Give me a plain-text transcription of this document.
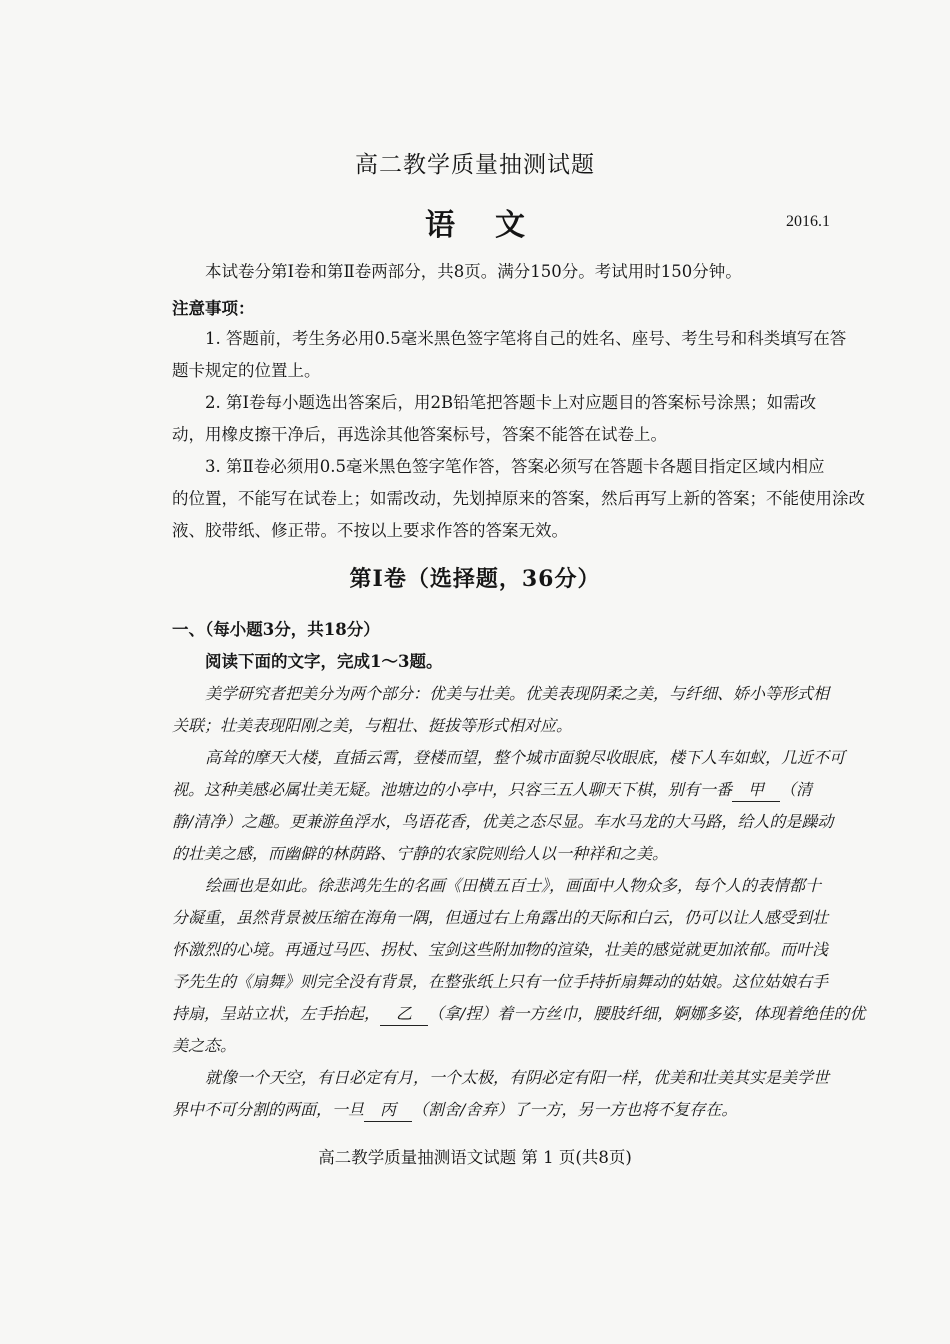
高二教学质量抽测试题
语文	2016.1
本试卷分第Ⅰ卷和第Ⅱ卷两部分，共8页。满分150分。考试用时150分钟。
注意事项：
1. 答题前，考生务必用0.5毫米黑色签字笔将自己的姓名、座号、考生号和科类填写在答
题卡规定的位置上。
2. 第Ⅰ卷每小题选出答案后，用2B铅笔把答题卡上对应题目的答案标号涂黑；如需改
动，用橡皮擦干净后，再选涂其他答案标号，答案不能答在试卷上。
3. 第Ⅱ卷必须用0.5毫米黑色签字笔作答，答案必须写在答题卡各题目指定区域内相应
的位置，不能写在试卷上；如需改动，先划掉原来的答案，然后再写上新的答案；不能使用涂改
液、胶带纸、修正带。不按以上要求作答的答案无效。
第Ⅰ卷（选择题，36分）
一、（每小题3分，共18分）
阅读下面的文字，完成1～3题。
美学研究者把美分为两个部分：优美与壮美。优美表现阴柔之美，与纤细、娇小等形式相
关联；壮美表现阳刚之美，与粗壮、挺拔等形式相对应。
高耸的摩天大楼，直插云霄，登楼而望，整个城市面貌尽收眼底，楼下人车如蚁，几近不可
视。这种美感必属壮美无疑。池塘边的小亭中，只容三五人聊天下棋，别有一番 甲 （清
静/清净）之趣。更兼游鱼浮水，鸟语花香，优美之态尽显。车水马龙的大马路，给人的是躁动
的壮美之感，而幽僻的林荫路、宁静的农家院则给人以一种祥和之美。
绘画也是如此。徐悲鸿先生的名画《田横五百士》，画面中人物众多，每个人的表情都十
分凝重，虽然背景被压缩在海角一隅，但通过右上角露出的天际和白云，仍可以让人感受到壮
怀激烈的心境。再通过马匹、拐杖、宝剑这些附加物的渲染，壮美的感觉就更加浓郁。而叶浅
予先生的《扇舞》则完全没有背景，在整张纸上只有一位手持折扇舞动的姑娘。这位姑娘右手
持扇，呈站立状，左手抬起， 乙 （拿/捏）着一方丝巾，腰肢纤细，婀娜多姿，体现着绝佳的优
美之态。
就像一个天空，有日必定有月，一个太极，有阴必定有阳一样，优美和壮美其实是美学世
界中不可分割的两面，一旦 丙 （割舍/舍弃）了一方，另一方也将不复存在。
高二教学质量抽测语文试题 第 1 页(共8页)
